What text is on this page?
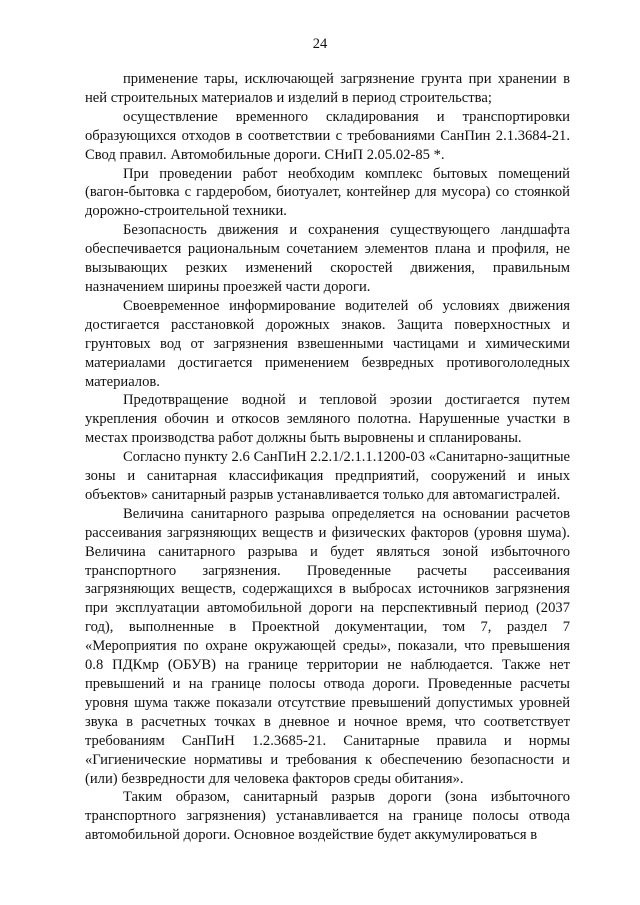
24

применение тары, исключающей загрязнение грунта при хранении в ней строительных материалов и изделий в период строительства;

осуществление временного складирования и транспортировки образующихся отходов в соответствии с требованиями СанПин 2.1.3684-21. Свод правил. Автомобильные дороги. СНиП 2.05.02-85 *.

При проведении работ необходим комплекс бытовых помещений (вагон-бытовка с гардеробом, биотуалет, контейнер для мусора) со стоянкой дорожно-строительной техники.

Безопасность движения и сохранения существующего ландшафта обеспечивается рациональным сочетанием элементов плана и профиля, не вызывающих резких изменений скоростей движения, правильным назначением ширины проезжей части дороги.

Своевременное информирование водителей об условиях движения достигается расстановкой дорожных знаков. Защита поверхностных и грунтовых вод от загрязнения взвешенными частицами и химическими материалами достигается применением безвредных противогололедных материалов.

Предотвращение водной и тепловой эрозии достигается путем укрепления обочин и откосов земляного полотна. Нарушенные участки в местах производства работ должны быть выровнены и спланированы.

Согласно пункту 2.6 СанПиН 2.2.1/2.1.1.1200-03 «Санитарно-защитные зоны и санитарная классификация предприятий, сооружений и иных объектов» санитарный разрыв устанавливается только для автомагистралей.

Величина санитарного разрыва определяется на основании расчетов рассеивания загрязняющих веществ и физических факторов (уровня шума). Величина санитарного разрыва и будет являться зоной избыточного транспортного загрязнения. Проведенные расчеты рассеивания загрязняющих веществ, содержащихся в выбросах источников загрязнения при эксплуатации автомобильной дороги на перспективный период (2037 год), выполненные в Проектной документации, том 7, раздел 7 «Мероприятия по охране окружающей среды», показали, что превышения 0.8 ПДКмр (ОБУВ) на границе территории не наблюдается. Также нет превышений и на границе полосы отвода дороги. Проведенные расчеты уровня шума также показали отсутствие превышений допустимых уровней звука в расчетных точках в дневное и ночное время, что соответствует требованиям СанПиН 1.2.3685-21. Санитарные правила и нормы «Гигиенические нормативы и требования к обеспечению безопасности и (или) безвредности для человека факторов среды обитания».

Таким образом, санитарный разрыв дороги (зона избыточного транспортного загрязнения) устанавливается на границе полосы отвода автомобильной дороги. Основное воздействие будет аккумулироваться в
